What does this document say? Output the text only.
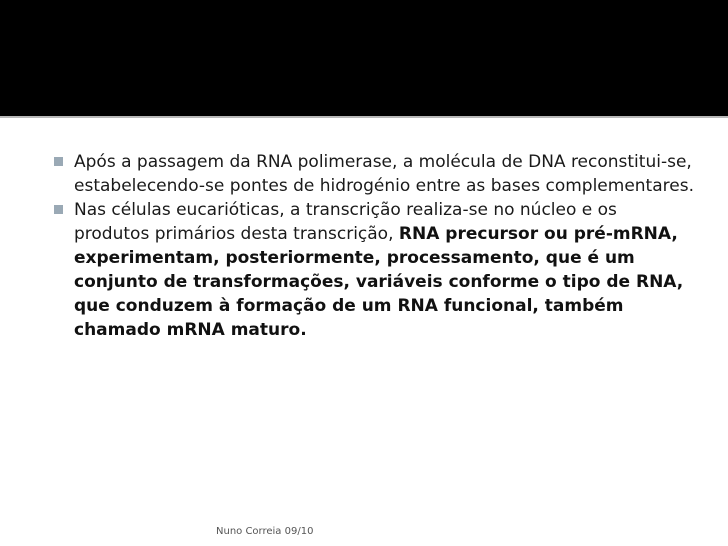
Após a passagem da RNA polimerase, a molécula de DNA reconstitui-se, estabelecendo-se pontes de hidrogénio entre as bases complementares.

Nas células eucarióticas, a transcrição realiza-se no núcleo e os produtos primários desta transcrição, RNA precursor ou pré-mRNA, experimentam, posteriormente, processamento, que é um conjunto de transformações, variáveis conforme o tipo de RNA, que conduzem à formação de um RNA funcional, também chamado mRNA maturo.

Nuno Correia 09/10
